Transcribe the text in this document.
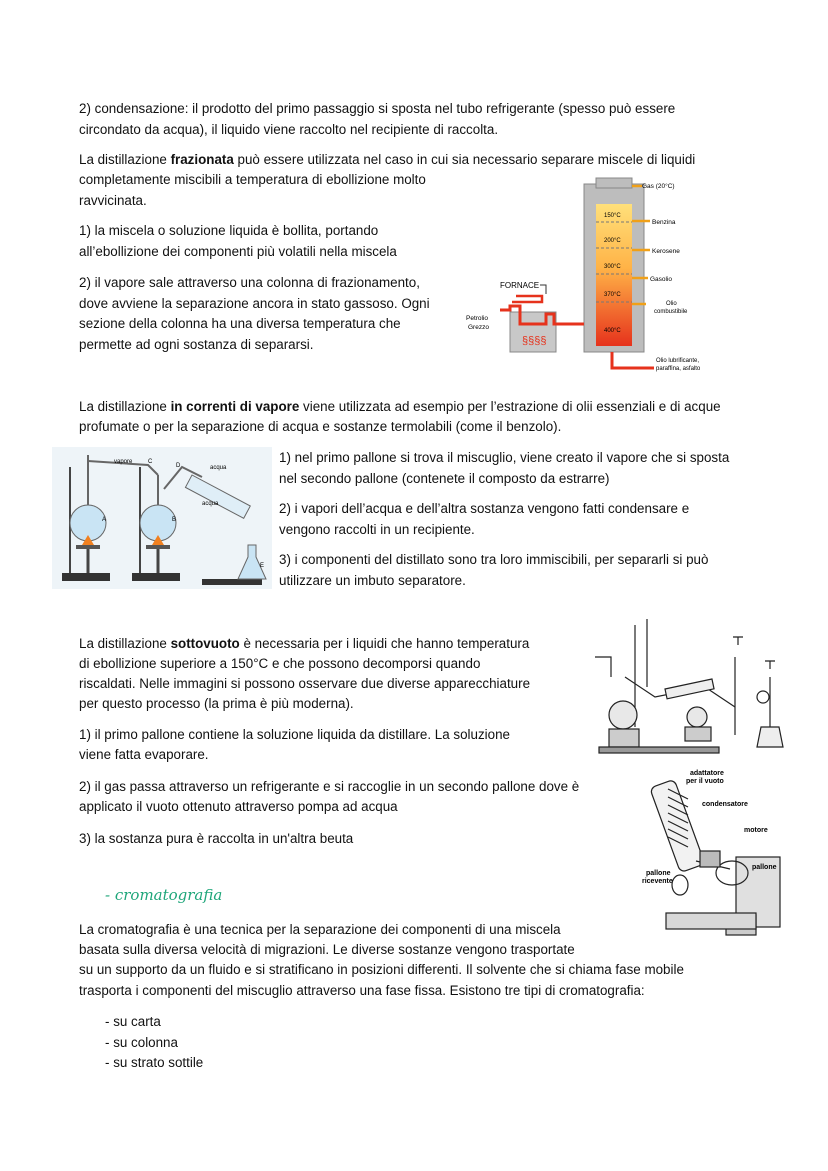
2) condensazione: il prodotto del primo passaggio si sposta nel tubo refrigerante (spesso può essere circondato da acqua), il liquido viene raccolto nel recipiente di raccolta.

La distillazione frazionata può essere utilizzata nel caso in cui sia necessario separare miscele di liquidi

completamente miscibili a temperatura di ebollizione molto

ravvicinata.

1) la miscela o soluzione liquida è bollita, portando all’ebollizione dei componenti più volatili nella miscela

2) il vapore sale attraverso una colonna di frazionamento, dove avviene la separazione ancora in stato gassoso. Ogni sezione della colonna ha una diversa temperatura che permette ad ogni sostanza di separarsi.

150°C
200°C
300°C
370°C
400°C
Gas (20°C)
Benzina
Kerosene
Gasolio
Olio
combustibile
Olio lubrificante,
paraffina, asfalto
§§§§
FORNACE
Petrolio
Grezzo

La distillazione in correnti di vapore viene utilizzata ad esempio per l’estrazione di olii essenziali e di acque

profumate o per la separazione di acqua e sostanze termolabili (come il benzolo).

vapore
acqua
acqua
A	B
C
D
E

1) nel primo pallone si trova il miscuglio, viene creato il vapore che si sposta nel secondo pallone (contenete il composto da estrarre)

2) i vapori dell’acqua e dell’altra sostanza vengono fatti condensare e vengono raccolti in un recipiente.

3) i componenti del distillato sono tra loro immiscibili, per separarli si può utilizzare un imbuto separatore.

La distillazione sottovuoto è necessaria per i liquidi che hanno temperatura

di ebollizione superiore a 150°C e che possono decomporsi quando

riscaldati. Nelle immagini si possono osservare due diverse apparecchiature

per questo processo (la prima è più moderna).

1) il primo pallone contiene la soluzione liquida da distillare. La soluzione

viene fatta evaporare.

2) il gas passa attraverso un refrigerante e si raccoglie in un secondo pallone dove è

applicato il vuoto ottenuto attraverso pompa ad acqua

3) la sostanza pura è raccolta in un'altra beuta

adattatore
per il vuoto
condensatore
motore
pallone
pallone
ricevente
- cromatografia

La cromatografia è una tecnica per la separazione dei componenti di una miscela

basata sulla diversa velocità di migrazioni. Le diverse sostanze vengono trasportate

su un supporto da un fluido e si stratificano in posizioni differenti. Il solvente che si chiama fase mobile

trasporta i componenti del miscuglio attraverso una fase fissa. Esistono tre tipi di cromatografia:

- su carta
- su colonna
- su strato sottile
